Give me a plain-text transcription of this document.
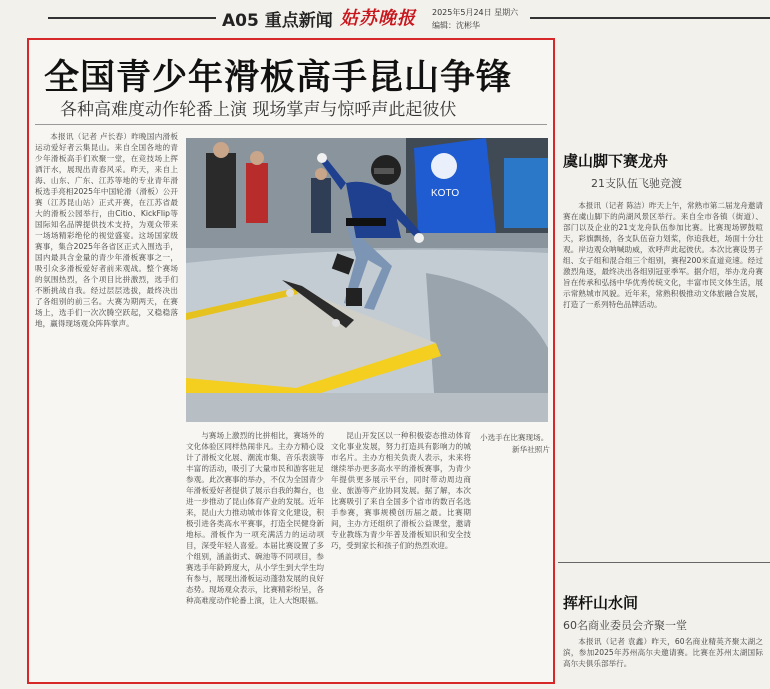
A05 重点新闻 姑苏晚报 2025年5月24日 星期六
编辑：沈彬华
全国青少年滑板高手昆山争锋
各种高难度动作轮番上演 现场掌声与惊呼声此起彼伏

本报讯（记者 卢长春）昨晚国内滑板运动爱好者云集昆山。来自全国各地的青少年滑板高手们欢聚一堂，在竞技场上挥洒汗水，展现出青春风采。昨天，来自上海、山东、广东、江苏等地的专业青年滑板选手亮相2025年中国轮滑（滑板）公开赛（江苏昆山站）正式开赛，在江苏省最大的滑板公园举行，由Citio、KickFlip等国际知名品牌提供技术支持，为观众带来一场场精彩绝伦的视觉盛宴。这场国家级赛事，集合2025年各省区正式入围选手，国内最具含金量的青少年滑板赛事之一，吸引众多滑板爱好者前来观战。整个赛场的氛围热烈，各个项目比拼激烈，选手们不断挑战自我。经过层层选拔，最终决出了各组别的前三名。大赛为期两天，在赛场上，选手们一次次腾空跃起，又稳稳落地，赢得现场观众阵阵掌声。

KOTO

与赛场上激烈的比拼相比，赛场外的文化体验区同样热闹非凡。主办方精心设计了滑板文化展、潮流市集、音乐表演等丰富的活动，吸引了大量市民和游客驻足参观。此次赛事的举办，不仅为全国青少年滑板爱好者提供了展示自我的舞台，也进一步推动了昆山体育产业的发展。近年来，昆山大力推动城市体育文化建设，积极引进各类高水平赛事，打造全民健身新地标。滑板作为一项充满活力的运动项目，深受年轻人喜爱。本届比赛设置了多个组别，涵盖街式、碗池等不同项目，参赛选手年龄跨度大，从小学生到大学生均有参与，展现出滑板运动蓬勃发展的良好态势。现场观众表示，比赛精彩纷呈，各种高难度动作轮番上演，让人大饱眼福。

昆山开发区以一种积极姿态推动体育文化事业发展，努力打造具有影响力的城市名片。主办方相关负责人表示，未来将继续举办更多高水平的滑板赛事，为青少年提供更多展示平台，同时带动周边商业、旅游等产业协同发展。据了解，本次比赛吸引了来自全国多个省市的数百名选手参赛，赛事规模创历届之最。比赛期间，主办方还组织了滑板公益课堂，邀请专业教练为青少年普及滑板知识和安全技巧，受到家长和孩子们的热烈欢迎。

小选手在比赛现场。
新华社照片
虞山脚下赛龙舟
21支队伍飞驰竞渡

本报讯（记者 陈洁）昨天上午，常熟市第二届龙舟邀请赛在虞山脚下的尚湖风景区举行。来自全市各镇（街道）、部门以及企业的21支龙舟队伍参加比赛。比赛现场锣鼓喧天，彩旗飘扬，各支队伍奋力划桨，你追我赶，场面十分壮观。岸边观众呐喊助威，欢呼声此起彼伏。本次比赛设男子组、女子组和混合组三个组别，赛程200米直道竞速。经过激烈角逐，最终决出各组别冠亚季军。据介绍，举办龙舟赛旨在传承和弘扬中华优秀传统文化，丰富市民文体生活，展示常熟城市风貌。近年来，常熟积极推动文体旅融合发展，打造了一系列特色品牌活动。

挥杆山水间
60名商业委员会齐聚一堂

本报讯（记者 袁鑫）昨天，60名商业精英齐聚太湖之滨，参加2025年苏州高尔夫邀请赛。比赛在苏州太湖国际高尔夫俱乐部举行。
